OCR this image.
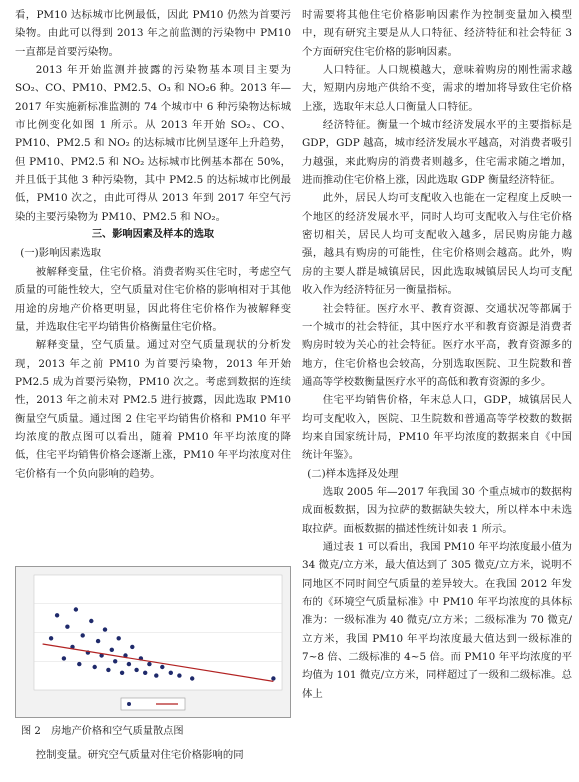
看，PM10 达标城市比例最低，因此 PM10 仍然为首要污染物。由此可以得到 2013 年之前监测的污染物中 PM10 一直都是首要污染物。

2013 年开始监测并披露的污染物基本项目主要为 SO₂、CO、PM10、PM2.5、O₃ 和 NO₂6 种。2013 年—2017 年实施新标准监测的 74 个城市中 6 种污染物达标城市比例变化如图 1 所示。从 2013 年开始 SO₂、CO、PM10、PM2.5 和 NO₂ 的达标城市比例呈逐年上升趋势，但 PM10、PM2.5 和 NO₂ 达标城市比例基本都在 50%，并且低于其他 3 种污染物，其中 PM2.5 的达标城市比例最低，PM10 次之，由此可得从 2013 年到 2017 年空气污染的主要污染物为 PM10、PM2.5 和 NO₂。

三、影响因素及样本的选取

(一)影响因素选取

被解释变量，住宅价格。消费者购买住宅时，考虑空气质量的可能性较大，空气质量对住宅价格的影响相对于其他用途的房地产价格更明显，因此将住宅价格作为被解释变量，并选取住宅平均销售价格衡量住宅价格。

解释变量，空气质量。通过对空气质量现状的分析发现，2013 年之前 PM10 为首要污染物，2013 年开始 PM2.5 成为首要污染物，PM10 次之。考虑到数据的连续性，2013 年之前未对 PM2.5 进行披露，因此选取 PM10 衡量空气质量。通过图 2 住宅平均销售价格和 PM10 年平均浓度的散点图可以看出，随着 PM10 年平均浓度的降低，住宅平均销售价格会逐渐上涨，PM10 年平均浓度对住宅价格有一个负向影响的趋势。

图 2　房地产价格和空气质量散点图

控制变量。研究空气质量对住宅价格影响的同

时需要将其他住宅价格影响因素作为控制变量加入模型中，现有研究主要是从人口特征、经济特征和社会特征 3 个方面研究住宅价格的影响因素。

人口特征。人口规模越大，意味着购房的刚性需求越大，短期内房地产供给不变，需求的增加将导致住宅价格上涨，选取年末总人口衡量人口特征。

经济特征。衡量一个城市经济发展水平的主要指标是 GDP，GDP 越高，城市经济发展水平越高，对消费者吸引力越强，来此购房的消费者则越多，住宅需求随之增加，进而推动住宅价格上涨，因此选取 GDP 衡量经济特征。

此外，居民人均可支配收入也能在一定程度上反映一个地区的经济发展水平，同时人均可支配收入与住宅价格密切相关，居民人均可支配收入越多，居民购房能力越强，越具有购房的可能性，住宅价格则会越高。此外，购房的主要人群是城镇居民，因此选取城镇居民人均可支配收入作为经济特征另一衡量指标。

社会特征。医疗水平、教育资源、交通状况等都属于一个城市的社会特征，其中医疗水平和教育资源是消费者购房时较为关心的社会特征。医疗水平高，教育资源多的地方，住宅价格也会较高，分别选取医院、卫生院数和普通高等学校数衡量医疗水平的高低和教育资源的多少。

住宅平均销售价格，年末总人口，GDP，城镇居民人均可支配收入，医院、卫生院数和普通高等学校数的数据均来自国家统计局，PM10 年平均浓度的数据来自《中国统计年鉴》。

(二)样本选择及处理

选取 2005 年—2017 年我国 30 个重点城市的数据构成面板数据，因为拉萨的数据缺失较大，所以样本中未选取拉萨。面板数据的描述性统计如表 1 所示。

通过表 1 可以看出，我国 PM10 年平均浓度最小值为 34 微克/立方米，最大值达到了 305 微克/立方米，说明不同地区不同时间空气质量的差异较大。在我国 2012 年发布的《环境空气质量标准》中 PM10 年平均浓度的具体标准为：一级标准为 40 微克/立方米；二级标准为 70 微克/立方米，我国 PM10 年平均浓度最大值达到一级标准的 7~8 倍、二级标准的 4~5 倍。而 PM10 年平均浓度的平均值为 101 微克/立方米，同样超过了一级和二级标准。总体上
